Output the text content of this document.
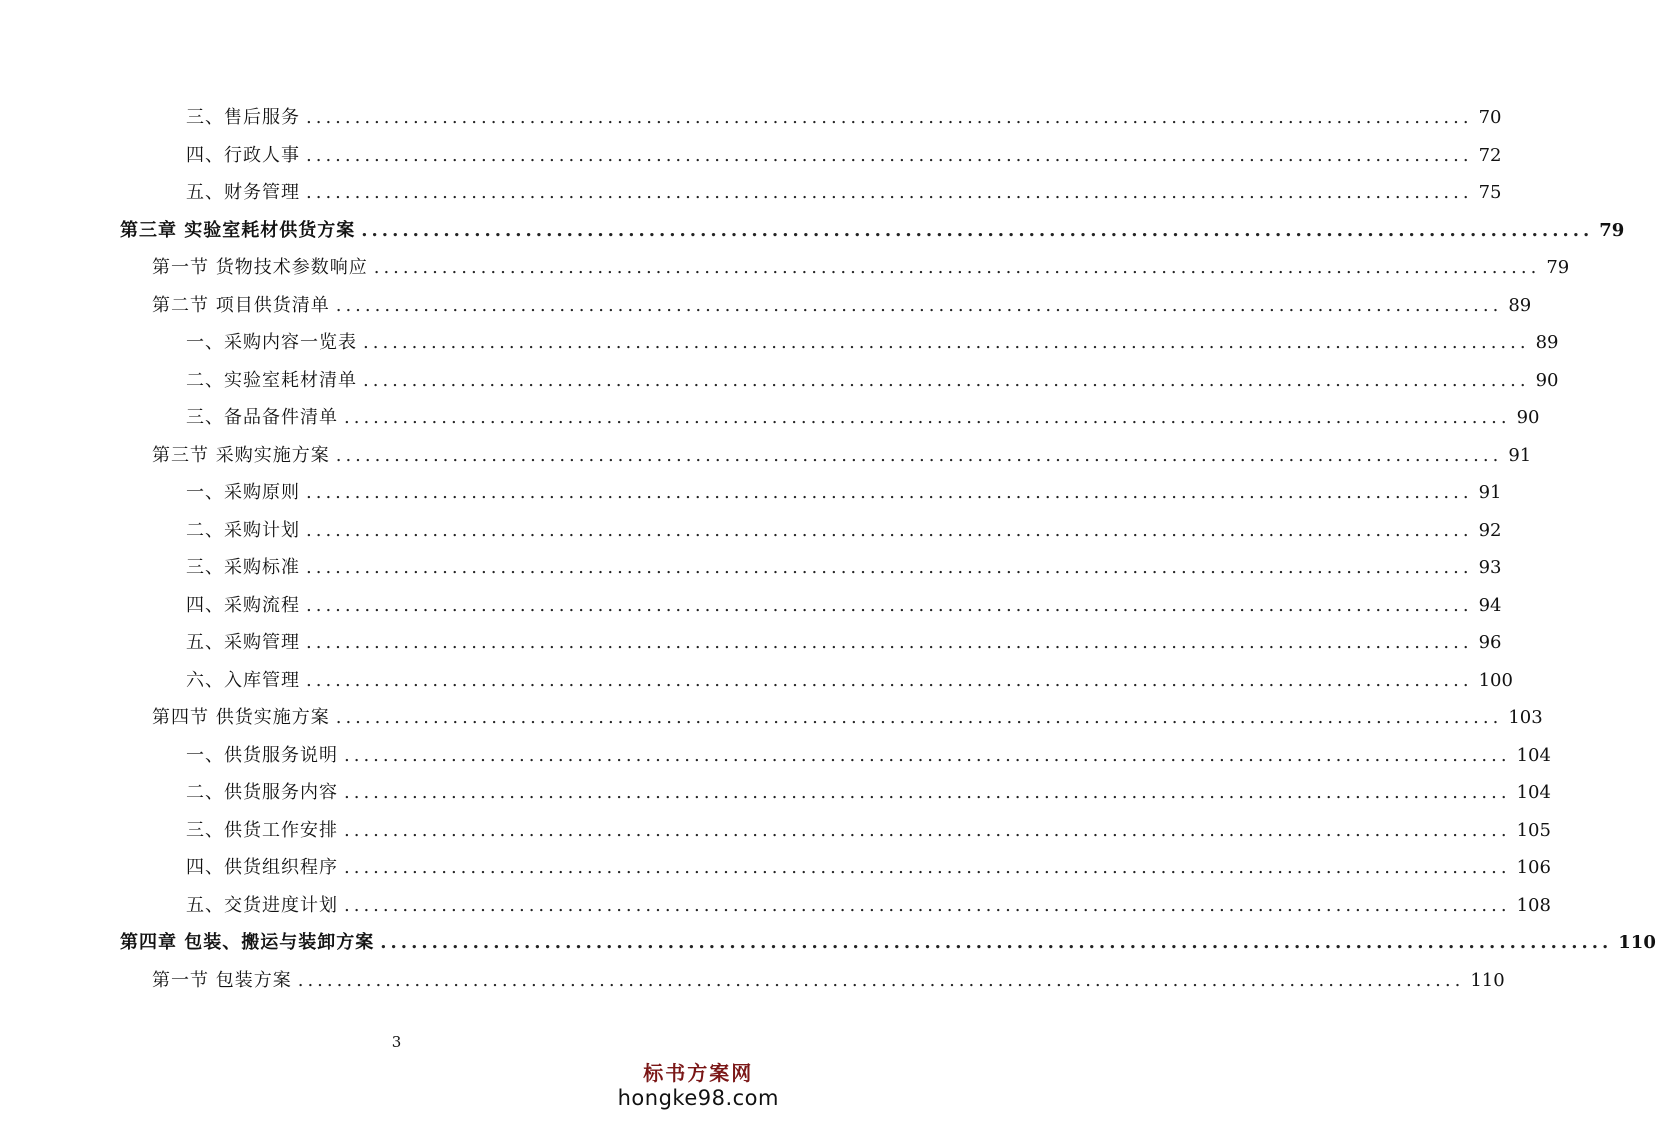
三、售后服务 ........................................................................................................................ 70
四、行政人事 ........................................................................................................................ 72
五、财务管理 ........................................................................................................................ 75
第三章 实验室耗材供货方案 ........................................................................................................................ 79
第一节 货物技术参数响应 ........................................................................................................................ 79
第二节 项目供货清单 ........................................................................................................................ 89
一、采购内容一览表 ........................................................................................................................ 89
二、实验室耗材清单 ........................................................................................................................ 90
三、备品备件清单 ........................................................................................................................ 90
第三节 采购实施方案 ........................................................................................................................ 91
一、采购原则 ........................................................................................................................ 91
二、采购计划 ........................................................................................................................ 92
三、采购标准 ........................................................................................................................ 93
四、采购流程 ........................................................................................................................ 94
五、采购管理 ........................................................................................................................ 96
六、入库管理 ........................................................................................................................ 100
第四节 供货实施方案 ........................................................................................................................ 103
一、供货服务说明 ........................................................................................................................ 104
二、供货服务内容 ........................................................................................................................ 104
三、供货工作安排 ........................................................................................................................ 105
四、供货组织程序 ........................................................................................................................ 106
五、交货进度计划 ........................................................................................................................ 108
第四章 包装、搬运与装卸方案 ........................................................................................................................ 110
第一节 包装方案 ........................................................................................................................ 110
3
标书方案网
hongke98.com
